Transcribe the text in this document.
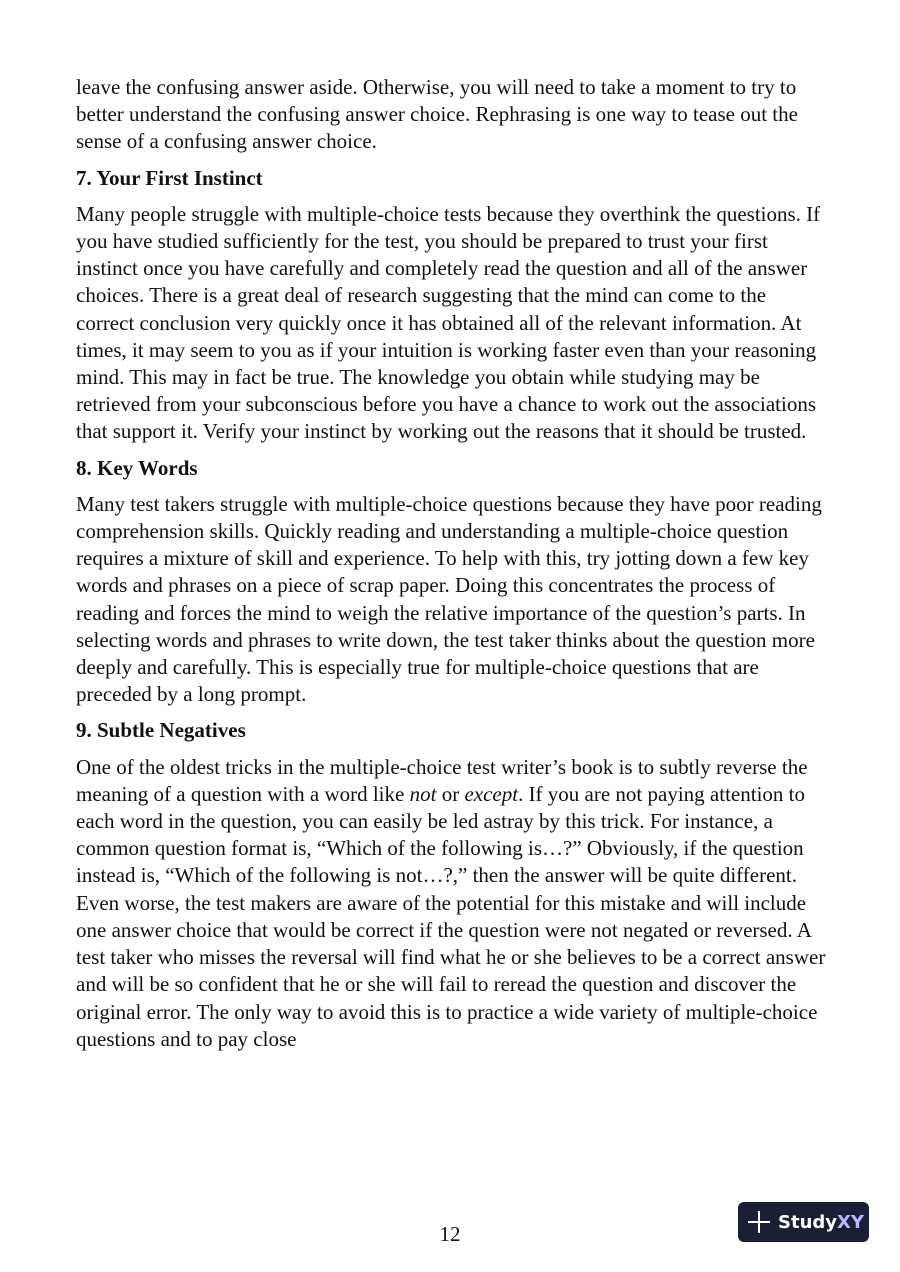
leave the confusing answer aside. Otherwise, you will need to take a moment to try to better understand the confusing answer choice. Rephrasing is one way to tease out the sense of a confusing answer choice.

7. Your First Instinct

Many people struggle with multiple-choice tests because they overthink the questions. If you have studied sufficiently for the test, you should be prepared to trust your first instinct once you have carefully and completely read the question and all of the answer choices. There is a great deal of research suggesting that the mind can come to the correct conclusion very quickly once it has obtained all of the relevant information. At times, it may seem to you as if your intuition is working faster even than your reasoning mind. This may in fact be true. The knowledge you obtain while studying may be retrieved from your subconscious before you have a chance to work out the associations that support it. Verify your instinct by working out the reasons that it should be trusted.

8. Key Words

Many test takers struggle with multiple-choice questions because they have poor reading comprehension skills. Quickly reading and understanding a multiple-choice question requires a mixture of skill and experience. To help with this, try jotting down a few key words and phrases on a piece of scrap paper. Doing this concentrates the process of reading and forces the mind to weigh the relative importance of the question’s parts. In selecting words and phrases to write down, the test taker thinks about the question more deeply and carefully. This is especially true for multiple-choice questions that are preceded by a long prompt.

9. Subtle Negatives

One of the oldest tricks in the multiple-choice test writer’s book is to subtly reverse the meaning of a question with a word like not or except. If you are not paying attention to each word in the question, you can easily be led astray by this trick. For instance, a common question format is, “Which of the following is…?” Obviously, if the question instead is, “Which of the following is not…?,” then the answer will be quite different. Even worse, the test makers are aware of the potential for this mistake and will include one answer choice that would be correct if the question were not negated or reversed. A test taker who misses the reversal will find what he or she believes to be a correct answer and will be so confident that he or she will fail to reread the question and discover the original error. The only way to avoid this is to practice a wide variety of multiple-choice questions and to pay close

12	StudyXY
